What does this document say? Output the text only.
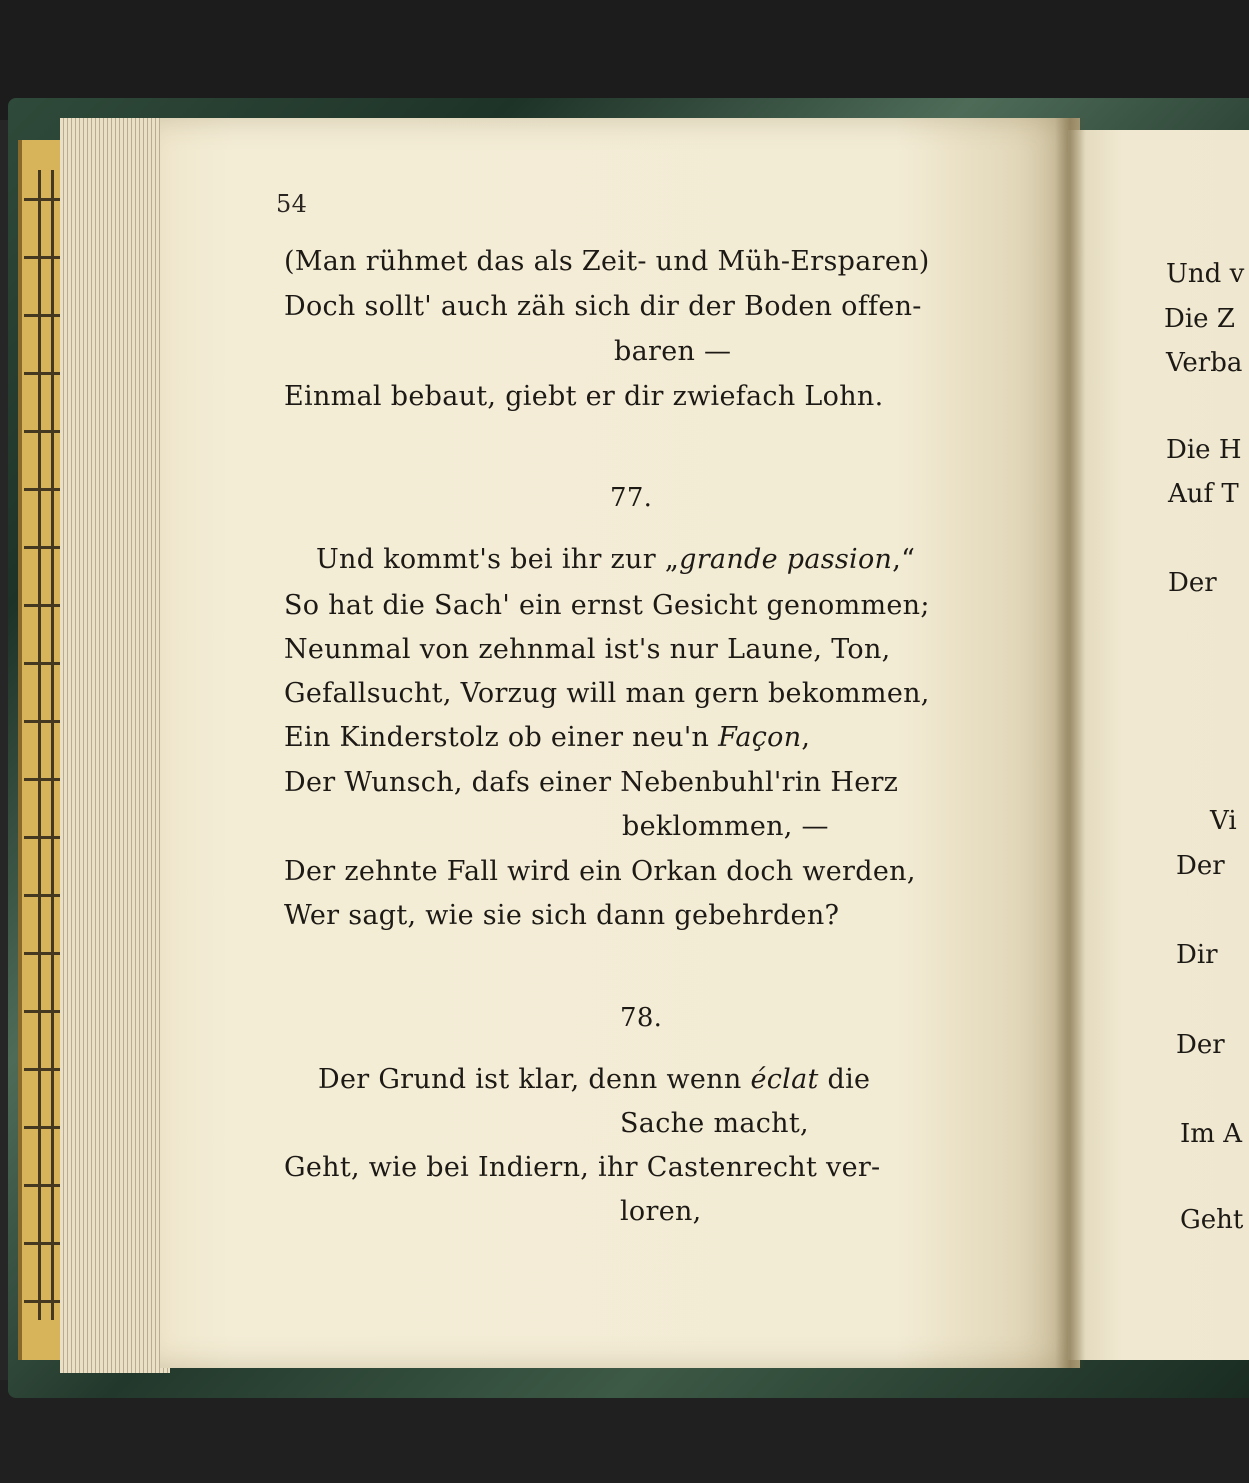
54
(Man rühmet das als Zeit- und Müh-Ersparen)
Doch sollt' auch zäh sich dir der Boden offen-
baren —
Einmal bebaut, giebt er dir zwiefach Lohn.
77.
Und kommt's bei ihr zur „grande passion,“
So hat die Sach' ein ernst Gesicht genommen;
Neunmal von zehnmal ist's nur Laune, Ton,
Gefallsucht, Vorzug will man gern bekommen,
Ein Kinderstolz ob einer neu'n Façon,
Der Wunsch, dafs einer Nebenbuhl'rin Herz
beklommen, —
Der zehnte Fall wird ein Orkan doch werden,
Wer sagt, wie sie sich dann gebehrden?
78.
Der Grund ist klar, denn wenn éclat die
Sache macht,
Geht, wie bei Indiern, ihr Castenrecht ver-
loren,
Und v
Die Z
Verba
Die H
Auf T
Der
Vi
Der
Dir
Der
Im A
Geht
